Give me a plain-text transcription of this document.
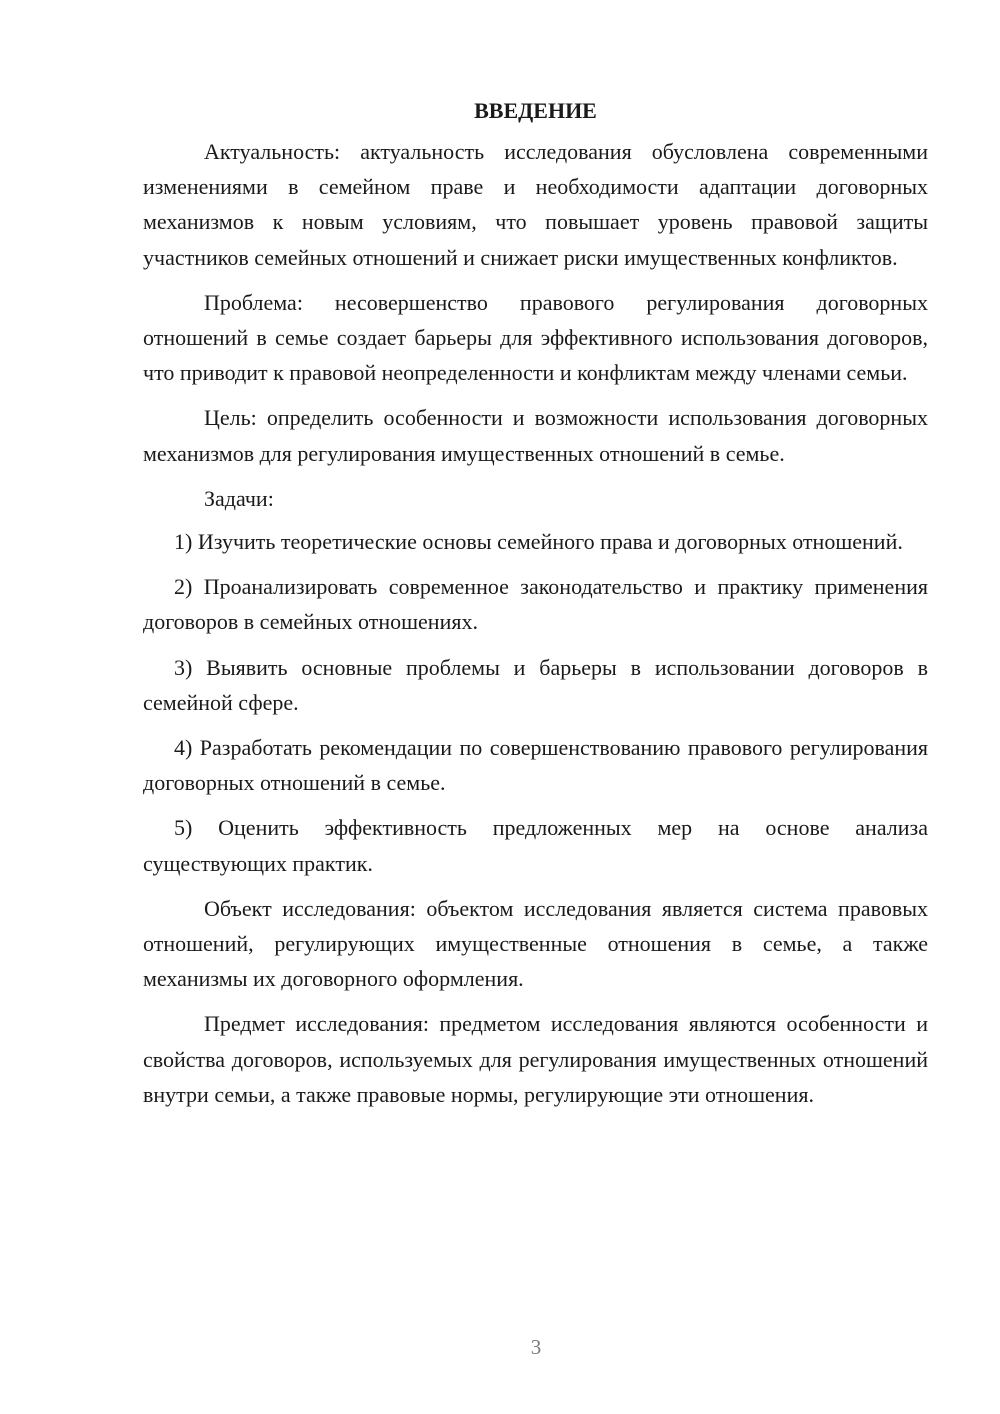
ВВЕДЕНИЕ

Актуальность: актуальность исследования обусловлена современными изменениями в семейном праве и необходимости адаптации договорных механизмов к новым условиям, что повышает уровень правовой защиты участников семейных отношений и снижает риски имущественных конфликтов.

Проблема: несовершенство правового регулирования договорных отношений в семье создает барьеры для эффективного использования договоров, что приводит к правовой неопределенности и конфликтам между членами семьи.

Цель: определить особенности и возможности использования договорных механизмов для регулирования имущественных отношений в семье.

Задачи:

1) Изучить теоретические основы семейного права и договорных отношений.

2) Проанализировать современное законодательство и практику применения договоров в семейных отношениях.

3) Выявить основные проблемы и барьеры в использовании договоров в семейной сфере.

4) Разработать рекомендации по совершенствованию правового регулирования договорных отношений в семье.

5) Оценить эффективность предложенных мер на основе анализа существующих практик.

Объект исследования: объектом исследования является система правовых отношений, регулирующих имущественные отношения в семье, а также механизмы их договорного оформления.

Предмет исследования: предметом исследования являются особенности и свойства договоров, используемых для регулирования имущественных отношений внутри семьи, а также правовые нормы, регулирующие эти отношения.

3
